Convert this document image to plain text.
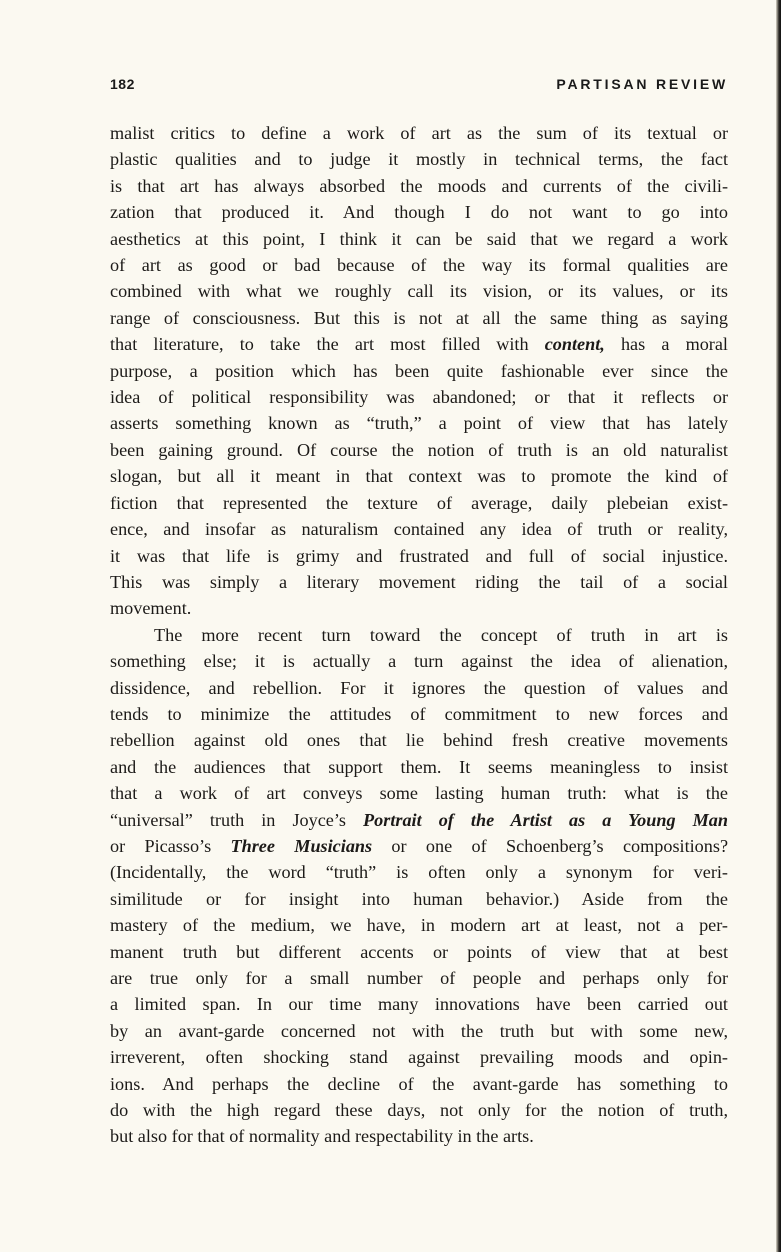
182	PARTISAN REVIEW
malist critics to define a work of art as the sum of its textual or
plastic qualities and to judge it mostly in technical terms, the fact
is that art has always absorbed the moods and currents of the civili-
zation that produced it. And though I do not want to go into
aesthetics at this point, I think it can be said that we regard a work
of art as good or bad because of the way its formal qualities are
combined with what we roughly call its vision, or its values, or its
range of consciousness. But this is not at all the same thing as saying
that literature, to take the art most filled with content, has a moral
purpose, a position which has been quite fashionable ever since the
idea of political responsibility was abandoned; or that it reflects or
asserts something known as “truth,” a point of view that has lately
been gaining ground. Of course the notion of truth is an old naturalist
slogan, but all it meant in that context was to promote the kind of
fiction that represented the texture of average, daily plebeian exist-
ence, and insofar as naturalism contained any idea of truth or reality,
it was that life is grimy and frustrated and full of social injustice.
This was simply a literary movement riding the tail of a social
movement.
The more recent turn toward the concept of truth in art is
something else; it is actually a turn against the idea of alienation,
dissidence, and rebellion. For it ignores the question of values and
tends to minimize the attitudes of commitment to new forces and
rebellion against old ones that lie behind fresh creative movements
and the audiences that support them. It seems meaningless to insist
that a work of art conveys some lasting human truth: what is the
“universal” truth in Joyce’s Portrait of the Artist as a Young Man
or Picasso’s Three Musicians or one of Schoenberg’s compositions?
(Incidentally, the word “truth” is often only a synonym for veri-
similitude or for insight into human behavior.) Aside from the
mastery of the medium, we have, in modern art at least, not a per-
manent truth but different accents or points of view that at best
are true only for a small number of people and perhaps only for
a limited span. In our time many innovations have been carried out
by an avant-garde concerned not with the truth but with some new,
irreverent, often shocking stand against prevailing moods and opin-
ions. And perhaps the decline of the avant-garde has something to
do with the high regard these days, not only for the notion of truth,
but also for that of normality and respectability in the arts.
